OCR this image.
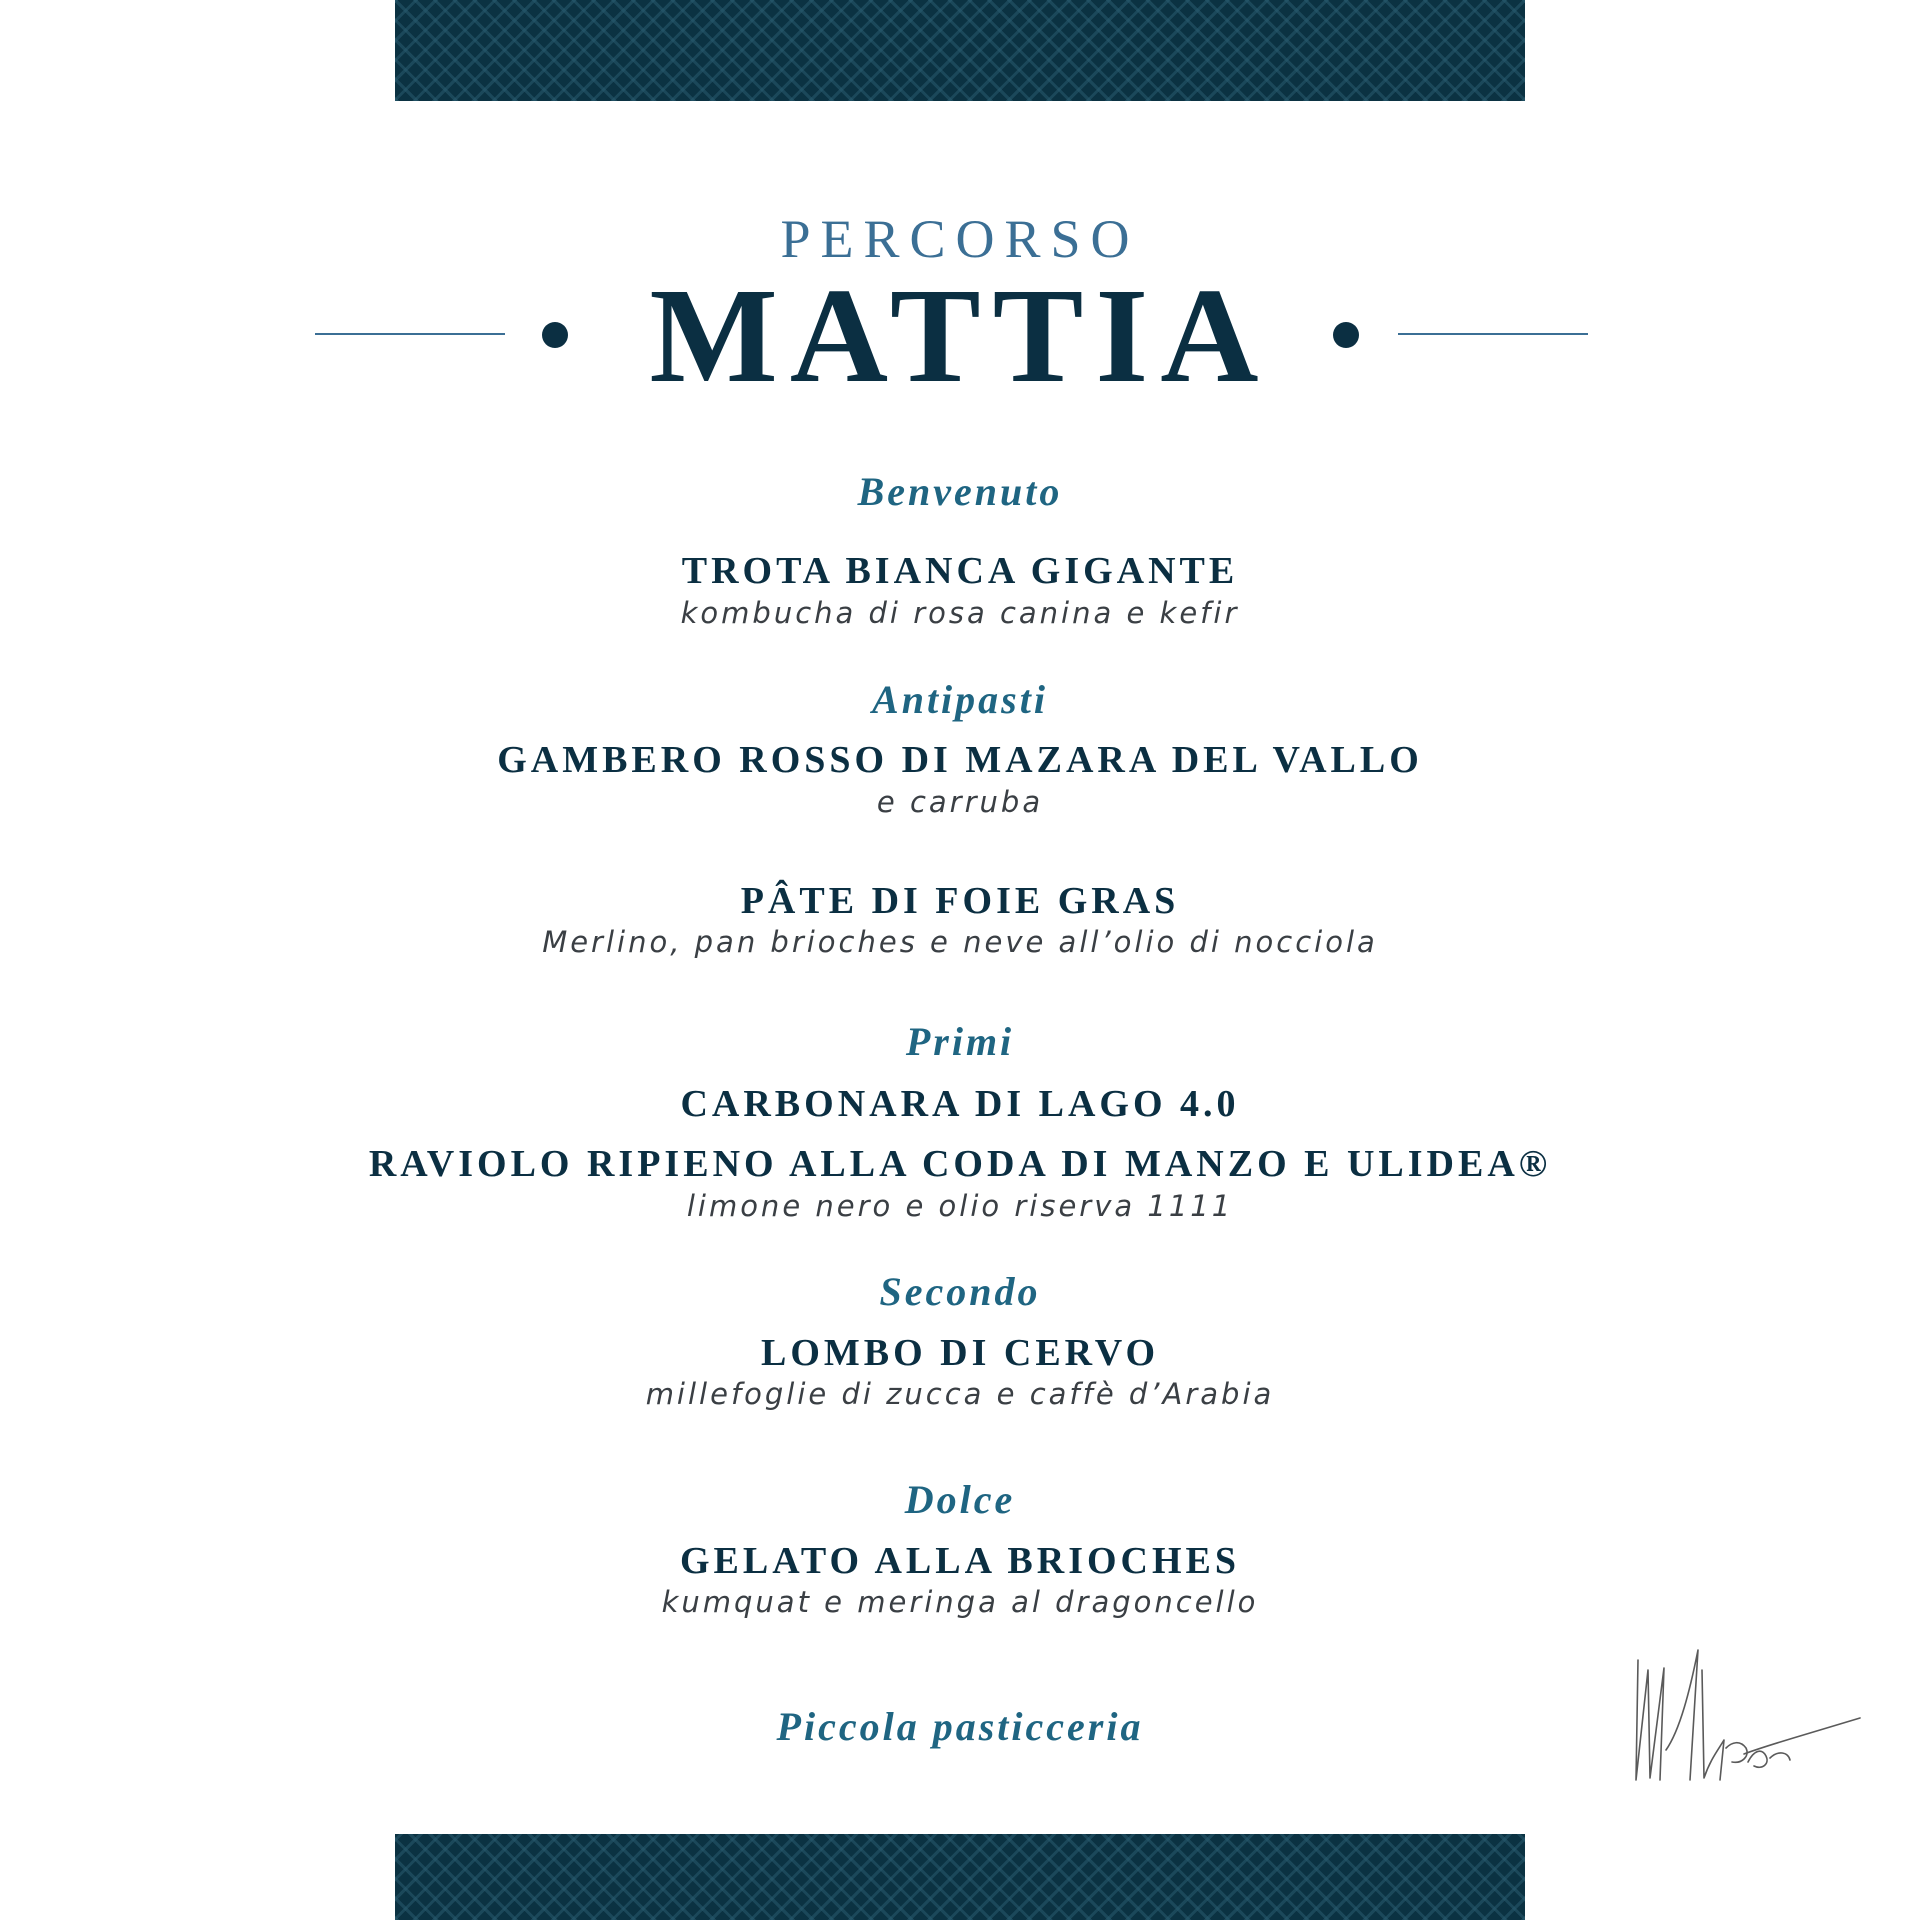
PERCORSO
MATTIA
Benvenuto
TROTA BIANCA GIGANTE
kombucha di rosa canina e kefir
Antipasti
GAMBERO ROSSO DI MAZARA DEL VALLO
e carruba
PÂTE DI FOIE GRAS
Merlino, pan brioches e neve all’olio di nocciola
Primi
CARBONARA DI LAGO 4.0
RAVIOLO RIPIENO ALLA CODA DI MANZO E ULIDEA®
limone nero e olio riserva 1111
Secondo
LOMBO DI CERVO
millefoglie di zucca e caffè d’Arabia
Dolce
GELATO ALLA BRIOCHES
kumquat e meringa al dragoncello
Piccola pasticceria
